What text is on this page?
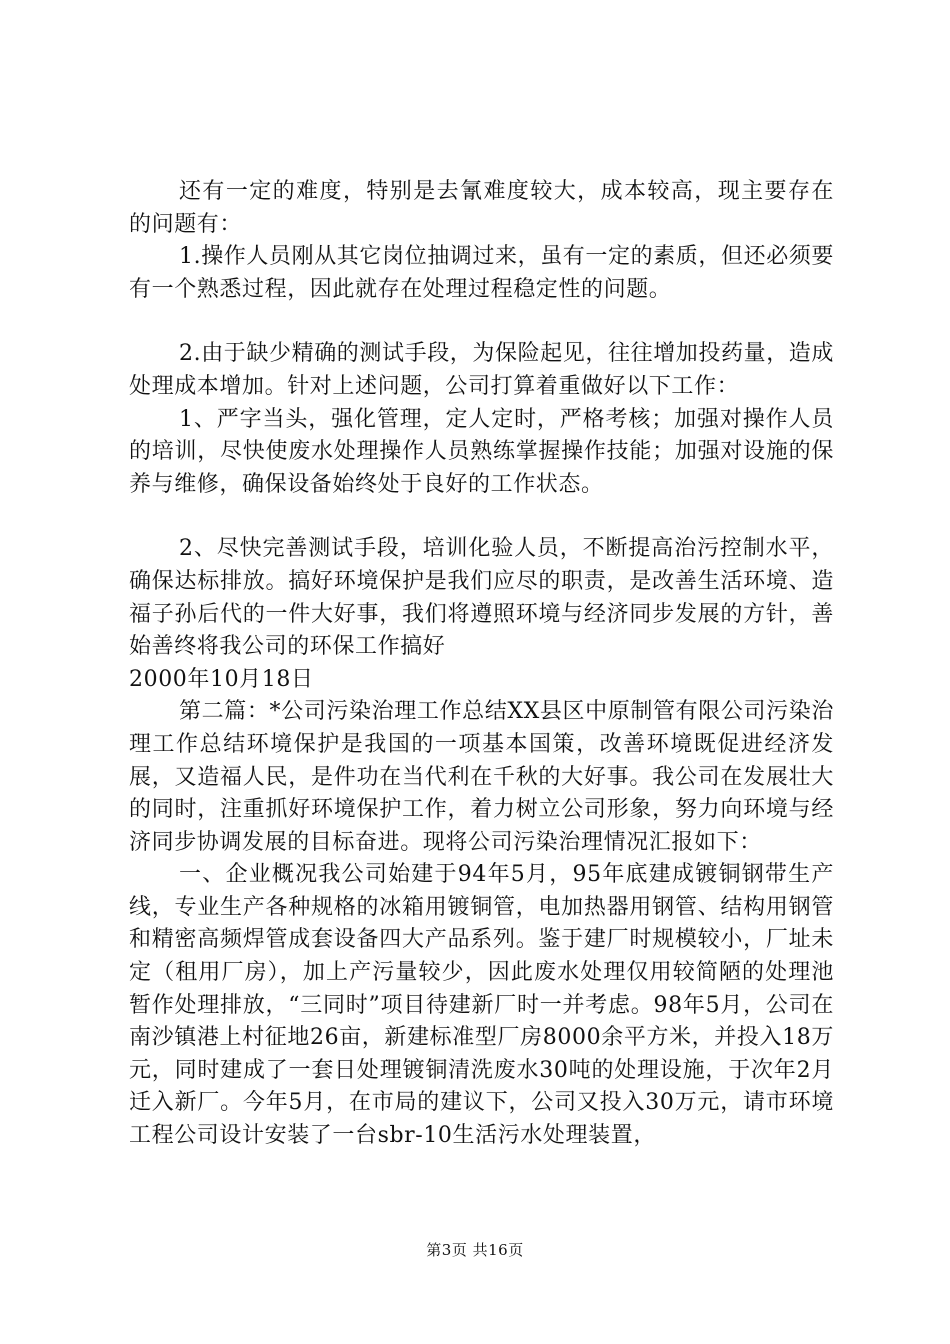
还有一定的难度，特别是去氰难度较大，成本较高，现主要存在的问题有：

1.操作人员刚从其它岗位抽调过来，虽有一定的素质，但还必须要有一个熟悉过程，因此就存在处理过程稳定性的问题。

2.由于缺少精确的测试手段，为保险起见，往往增加投药量，造成处理成本增加。针对上述问题，公司打算着重做好以下工作：

1、严字当头，强化管理，定人定时，严格考核；加强对操作人员的培训，尽快使废水处理操作人员熟练掌握操作技能；加强对设施的保养与维修，确保设备始终处于良好的工作状态。

2、尽快完善测试手段，培训化验人员，不断提高治污控制水平，确保达标排放。搞好环境保护是我们应尽的职责，是改善生活环境、造福子孙后代的一件大好事，我们将遵照环境与经济同步发展的方针，善始善终将我公司的环保工作搞好

2000年10月18日

第二篇：*公司污染治理工作总结XX县区中原制管有限公司污染治理工作总结环境保护是我国的一项基本国策，改善环境既促进经济发展，又造福人民，是件功在当代利在千秋的大好事。我公司在发展壮大的同时，注重抓好环境保护工作，着力树立公司形象，努力向环境与经济同步协调发展的目标奋进。现将公司污染治理情况汇报如下：

一、企业概况我公司始建于94年5月，95年底建成镀铜钢带生产线，专业生产各种规格的冰箱用镀铜管，电加热器用钢管、结构用钢管和精密高频焊管成套设备四大产品系列。鉴于建厂时规模较小，厂址未定（租用厂房），加上产污量较少，因此废水处理仅用较简陋的处理池暂作处理排放，“三同时”项目待建新厂时一并考虑。98年5月，公司在南沙镇港上村征地26亩，新建标准型厂房8000余平方米，并投入18万元，同时建成了一套日处理镀铜清洗废水30吨的处理设施，于次年2月迁入新厂。今年5月，在市局的建议下，公司又投入30万元，请市环境工程公司设计安装了一台sbr-10生活污水处理装置，

第3页 共16页
